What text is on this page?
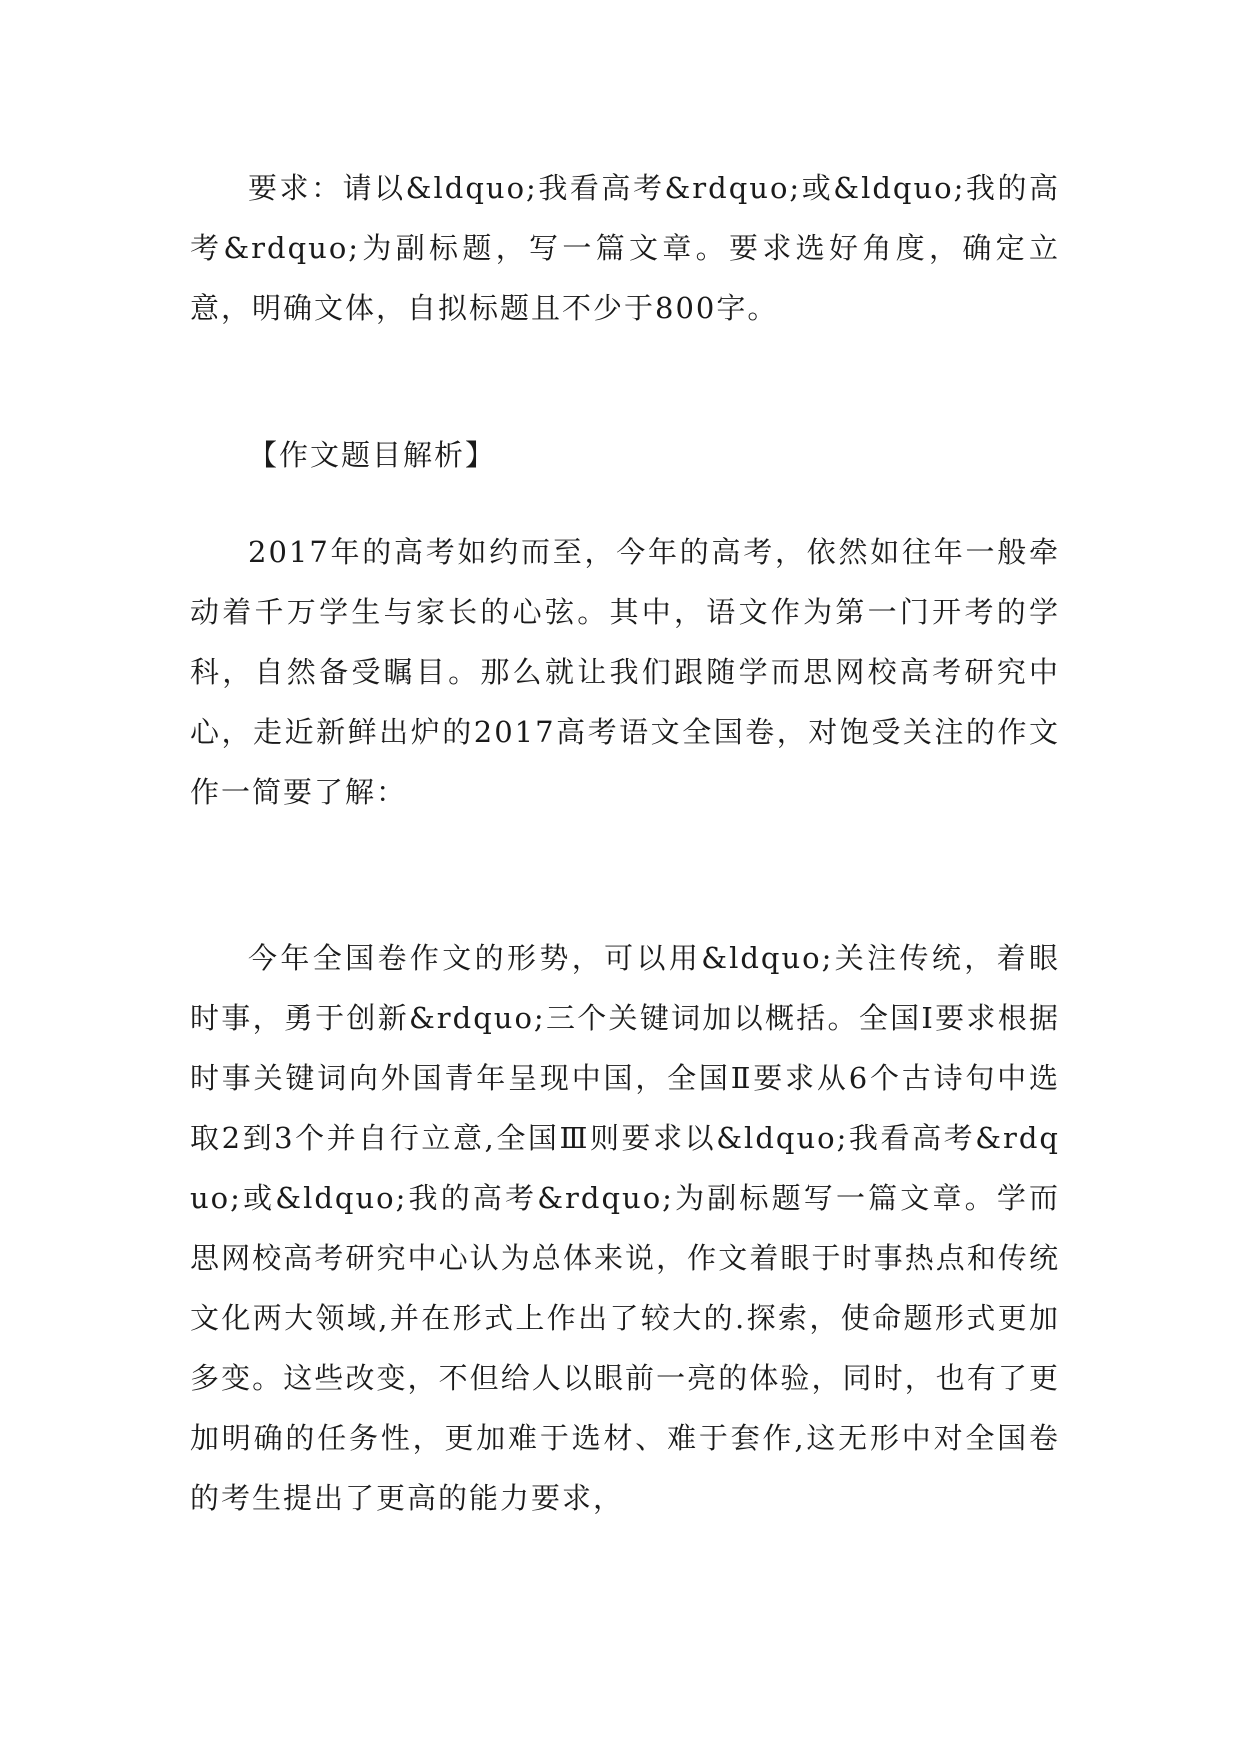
要求：请以&ldquo;我看高考&rdquo;或&ldquo;我的高考&rdquo;为副标题，写一篇文章。要求选好角度，确定立意，明确文体，自拟标题且不少于800字。

【作文题目解析】

2017年的高考如约而至，今年的高考，依然如往年一般牵动着千万学生与家长的心弦。其中，语文作为第一门开考的学科，自然备受瞩目。那么就让我们跟随学而思网校高考研究中心，走近新鲜出炉的2017高考语文全国卷，对饱受关注的作文作一简要了解：

今年全国卷作文的形势，可以用&ldquo;关注传统，着眼时事，勇于创新&rdquo;三个关键词加以概括。全国Ⅰ要求根据时事关键词向外国青年呈现中国，全国Ⅱ要求从6个古诗句中选取2到3个并自行立意,全国Ⅲ则要求以&ldquo;我看高考&rdquo;或&ldquo;我的高考&rdquo;为副标题写一篇文章。学而思网校高考研究中心认为总体来说，作文着眼于时事热点和传统文化两大领域,并在形式上作出了较大的.探索，使命题形式更加多变。这些改变，不但给人以眼前一亮的体验，同时，也有了更加明确的任务性，更加难于选材、难于套作,这无形中对全国卷的考生提出了更高的能力要求，
